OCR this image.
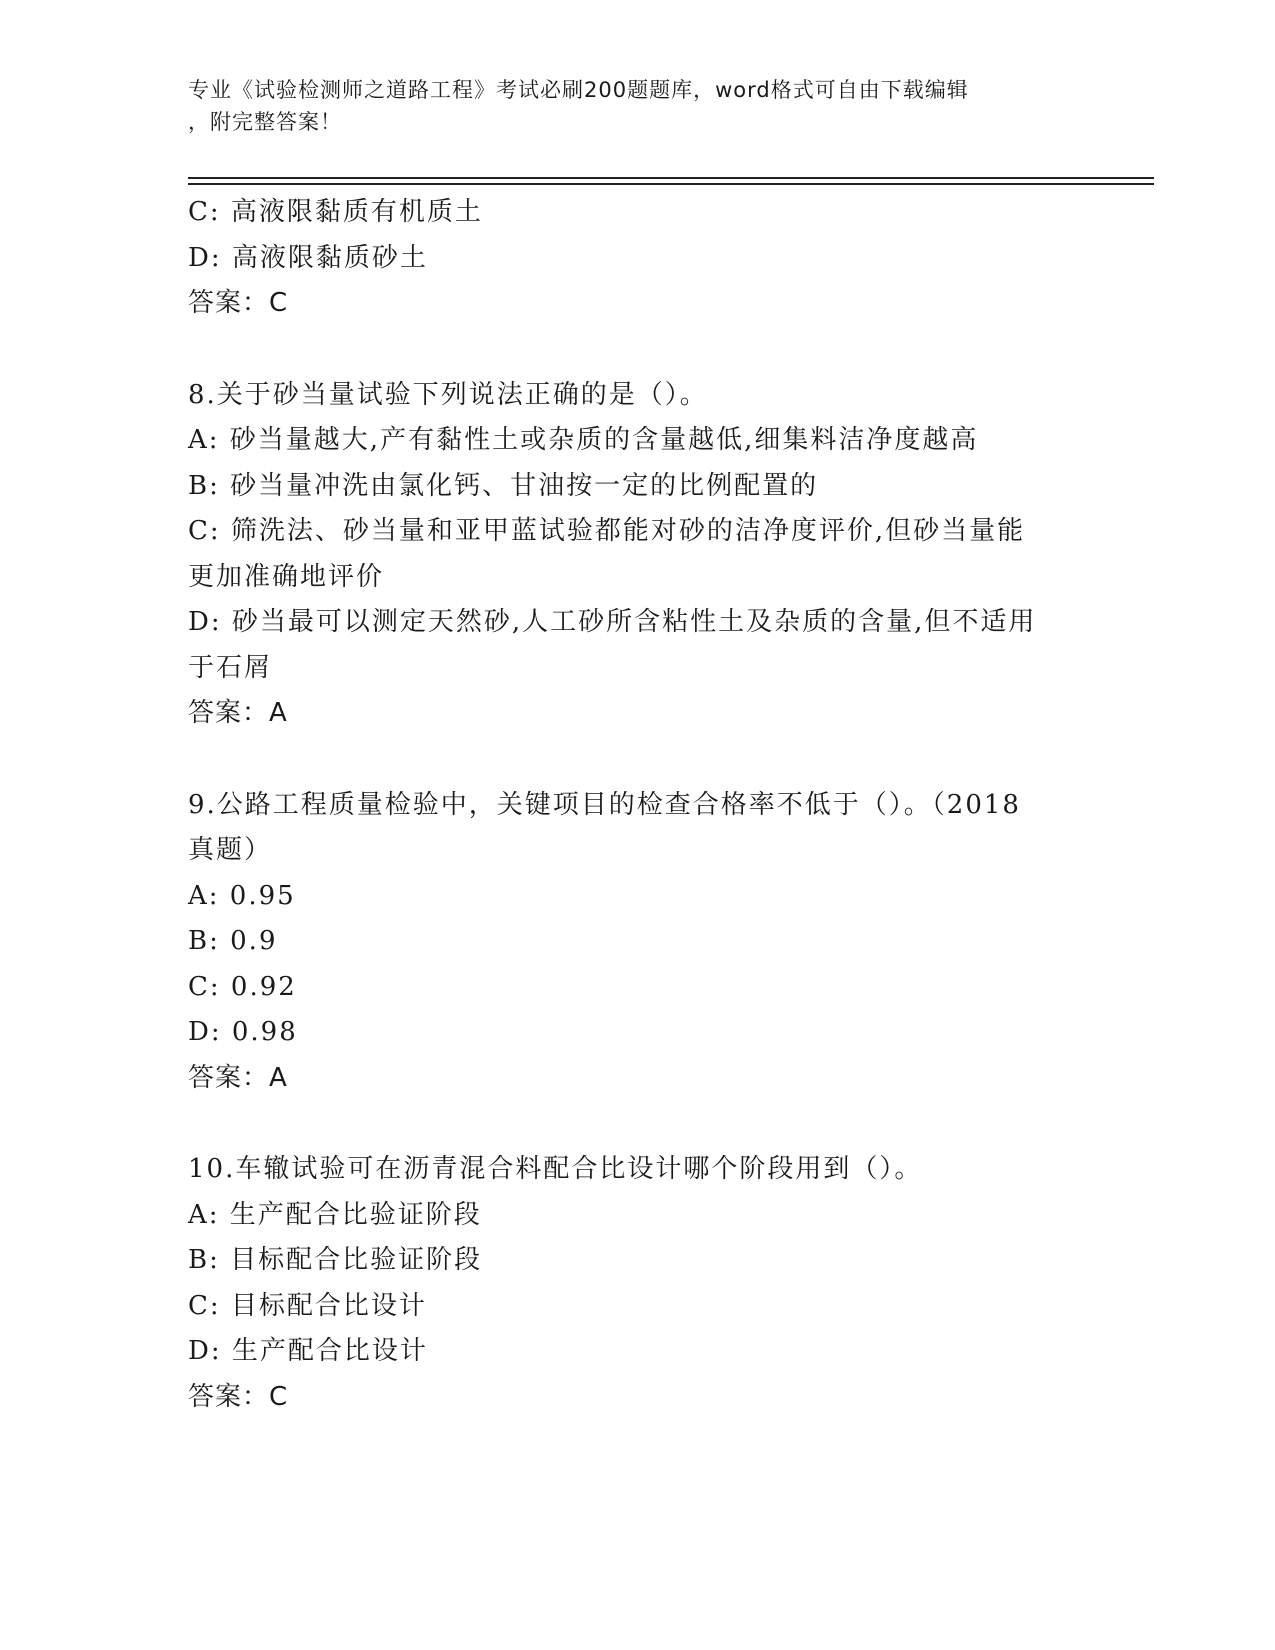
专业《试验检测师之道路工程》考试必刷200题题库，word格式可自由下载编辑
，附完整答案！
C: 高液限黏质有机质土
D: 高液限黏质砂土
答案：C
8.关于砂当量试验下列说法正确的是（）。
A: 砂当量越大,产有黏性土或杂质的含量越低,细集料洁净度越高
B: 砂当量冲洗由氯化钙、甘油按一定的比例配置的
C: 筛洗法、砂当量和亚甲蓝试验都能对砂的洁净度评价,但砂当量能
更加准确地评价
D: 砂当最可以测定天然砂,人工砂所含粘性土及杂质的含量,但不适用
于石屑
答案：A
9.公路工程质量检验中，关键项目的检查合格率不低于（）。（2018
真题）
A: 0.95
B: 0.9
C: 0.92
D: 0.98
答案：A
10.车辙试验可在沥青混合料配合比设计哪个阶段用到（）。
A: 生产配合比验证阶段
B: 目标配合比验证阶段
C: 目标配合比设计
D: 生产配合比设计
答案：C
